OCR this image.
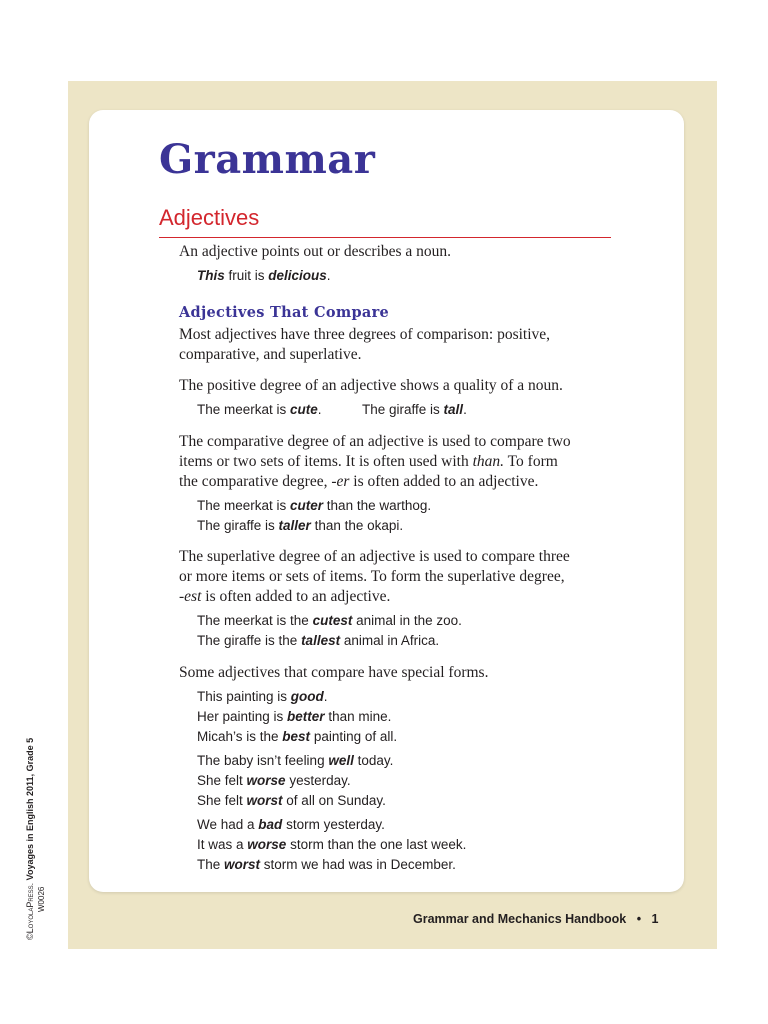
Grammar
Adjectives
An adjective points out or describes a noun.
This fruit is delicious.
Adjectives That Compare
Most adjectives have three degrees of comparison: positive,
comparative, and superlative.
The positive degree of an adjective shows a quality of a noun.
The meerkat is cute.	The giraffe is tall.
The comparative degree of an adjective is used to compare two
items or two sets of items. It is often used with than. To form
the comparative degree, -er is often added to an adjective.
The meerkat is cuter than the warthog.
The giraffe is taller than the okapi.
The superlative degree of an adjective is used to compare three
or more items or sets of items. To form the superlative degree,
-est is often added to an adjective.
The meerkat is the cutest animal in the zoo.
The giraffe is the tallest animal in Africa.
Some adjectives that compare have special forms.
This painting is good.
Her painting is better than mine.
Micah’s is the best painting of all.
The baby isn’t feeling well today.
She felt worse yesterday.
She felt worst of all on Sunday.
We had a bad storm yesterday.
It was a worse storm than the one last week.
The worst storm we had was in December.
Grammar and Mechanics Handbook • 1
©LoyolaPress. Voyages in English 2011, Grade 5
W0026
